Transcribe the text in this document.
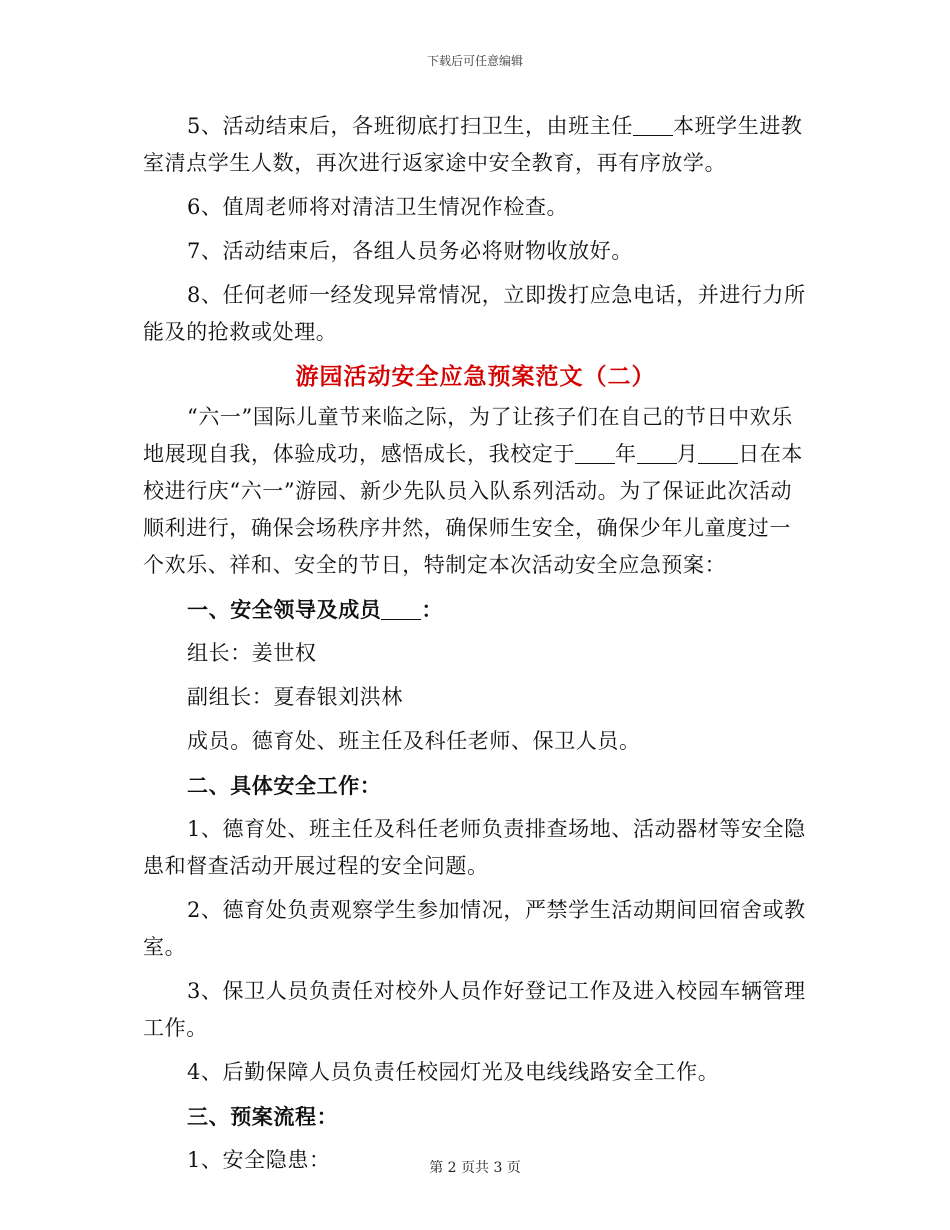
下载后可任意编辑

5、活动结束后，各班彻底打扫卫生，由班主任 本班学生进教室清点学生人数，再次进行返家途中安全教育，再有序放学。

6、值周老师将对清洁卫生情况作检查。

7、活动结束后，各组人员务必将财物收放好。

8、任何老师一经发现异常情况，立即拨打应急电话，并进行力所能及的抢救或处理。

游园活动安全应急预案范文（二）

“六一”国际儿童节来临之际，为了让孩子们在自己的节日中欢乐地展现自我，体验成功，感悟成长，我校定于 年 月 日在本校进行庆“六一”游园、新少先队员入队系列活动。为了保证此次活动顺利进行，确保会场秩序井然，确保师生安全，确保少年儿童度过一个欢乐、祥和、安全的节日，特制定本次活动安全应急预案：

一、安全领导及成员 ：

组长：姜世权

副组长：夏春银刘洪林

成员。德育处、班主任及科任老师、保卫人员。

二、具体安全工作：

1、德育处、班主任及科任老师负责排查场地、活动器材等安全隐患和督查活动开展过程的安全问题。

2、德育处负责观察学生参加情况，严禁学生活动期间回宿舍或教室。

3、保卫人员负责任对校外人员作好登记工作及进入校园车辆管理工作。

4、后勤保障人员负责任校园灯光及电线线路安全工作。

三、预案流程：

1、安全隐患：	第 2 页共 3 页
